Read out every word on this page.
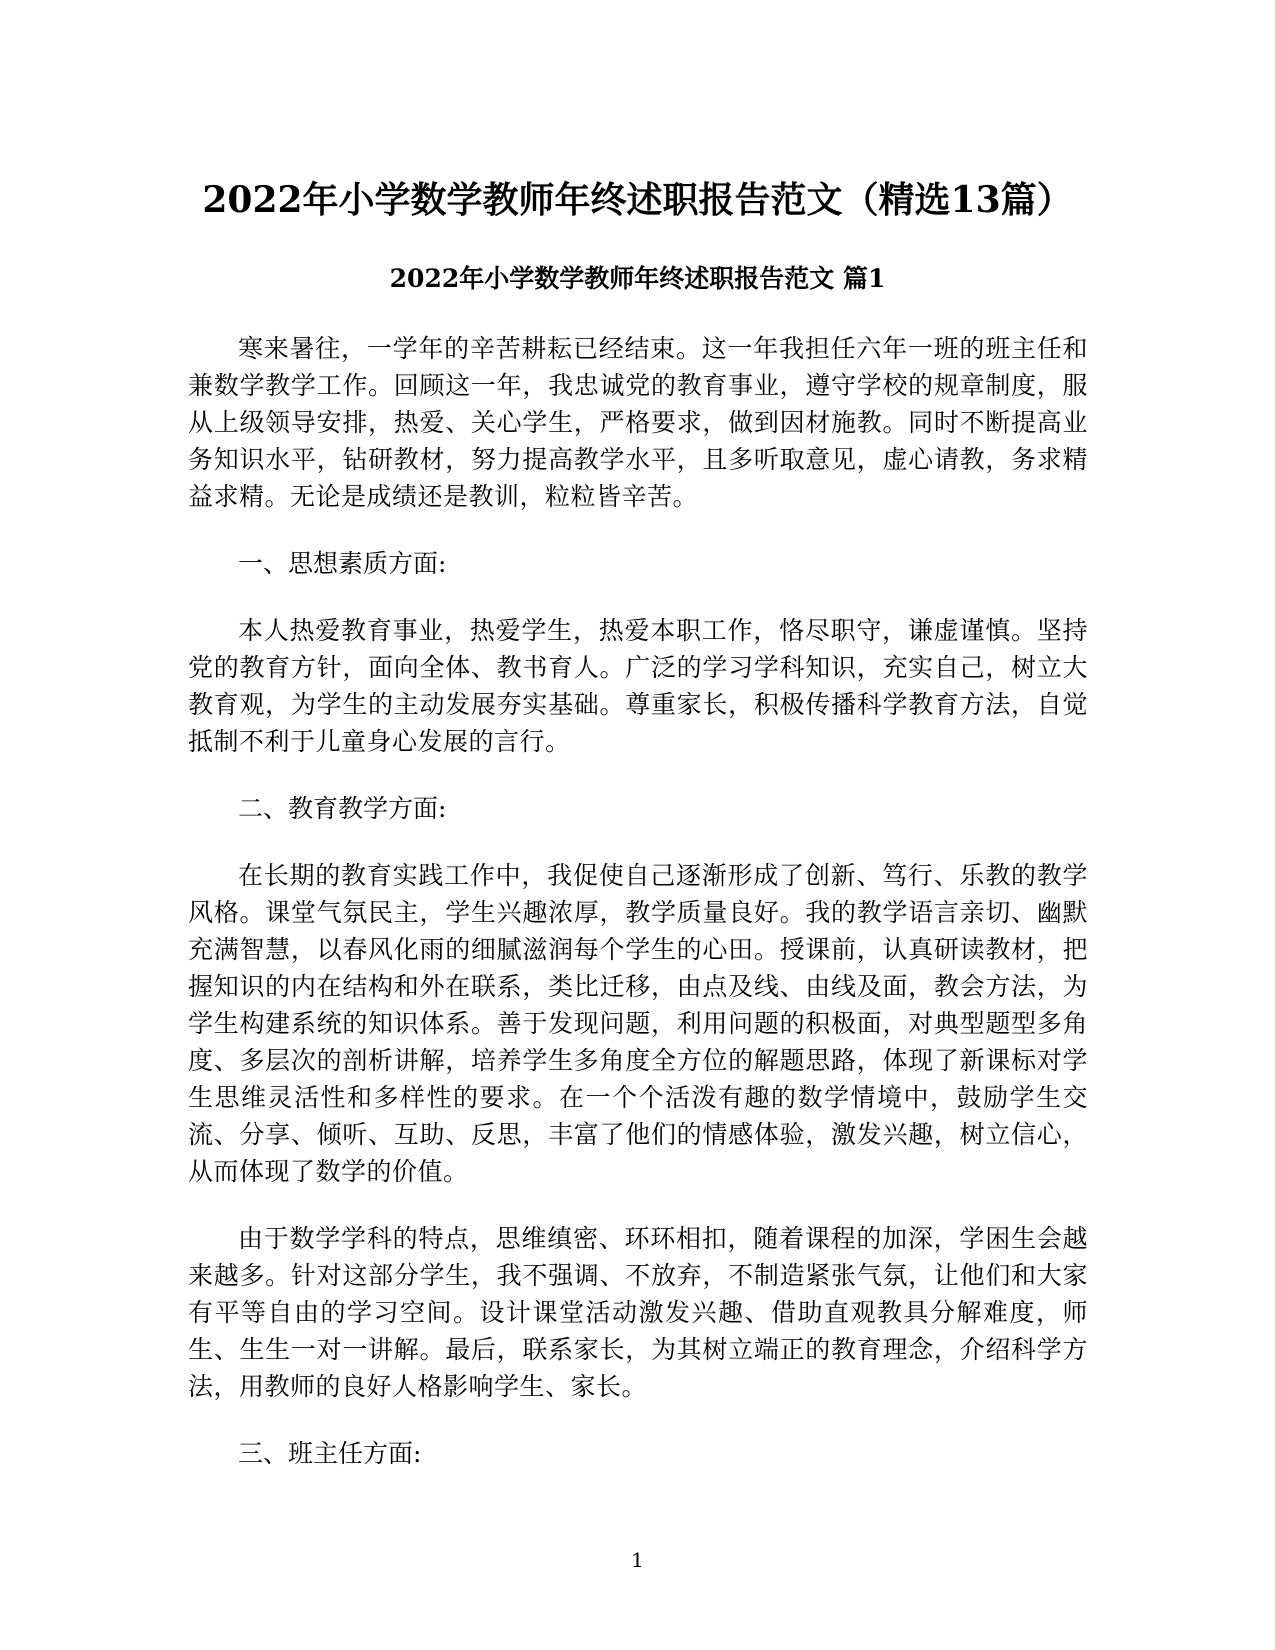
2022年小学数学教师年终述职报告范文（精选13篇）
2022年小学数学教师年终述职报告范文 篇1

寒来暑往，一学年的辛苦耕耘已经结束。这一年我担任六年一班的班主任和兼数学教学工作。回顾这一年，我忠诚党的教育事业，遵守学校的规章制度，服从上级领导安排，热爱、关心学生，严格要求，做到因材施教。同时不断提高业务知识水平，钻研教材，努力提高教学水平，且多听取意见，虚心请教，务求精益求精。无论是成绩还是教训，粒粒皆辛苦。

一、思想素质方面:

本人热爱教育事业，热爱学生，热爱本职工作，恪尽职守，谦虚谨慎。坚持党的教育方针，面向全体、教书育人。广泛的学习学科知识，充实自己，树立大教育观，为学生的主动发展夯实基础。尊重家长，积极传播科学教育方法，自觉抵制不利于儿童身心发展的言行。

二、教育教学方面:

在长期的教育实践工作中，我促使自己逐渐形成了创新、笃行、乐教的教学风格。课堂气氛民主，学生兴趣浓厚，教学质量良好。我的教学语言亲切、幽默充满智慧，以春风化雨的细腻滋润每个学生的心田。授课前，认真研读教材，把握知识的内在结构和外在联系，类比迁移，由点及线、由线及面，教会方法，为学生构建系统的知识体系。善于发现问题，利用问题的积极面，对典型题型多角度、多层次的剖析讲解，培养学生多角度全方位的解题思路，体现了新课标对学生思维灵活性和多样性的要求。在一个个活泼有趣的数学情境中，鼓励学生交流、分享、倾听、互助、反思，丰富了他们的情感体验，激发兴趣，树立信心，从而体现了数学的价值。

由于数学学科的特点，思维缜密、环环相扣，随着课程的加深，学困生会越来越多。针对这部分学生，我不强调、不放弃，不制造紧张气氛，让他们和大家有平等自由的学习空间。设计课堂活动激发兴趣、借助直观教具分解难度，师生、生生一对一讲解。最后，联系家长，为其树立端正的教育理念，介绍科学方法，用教师的良好人格影响学生、家长。

三、班主任方面:

1
